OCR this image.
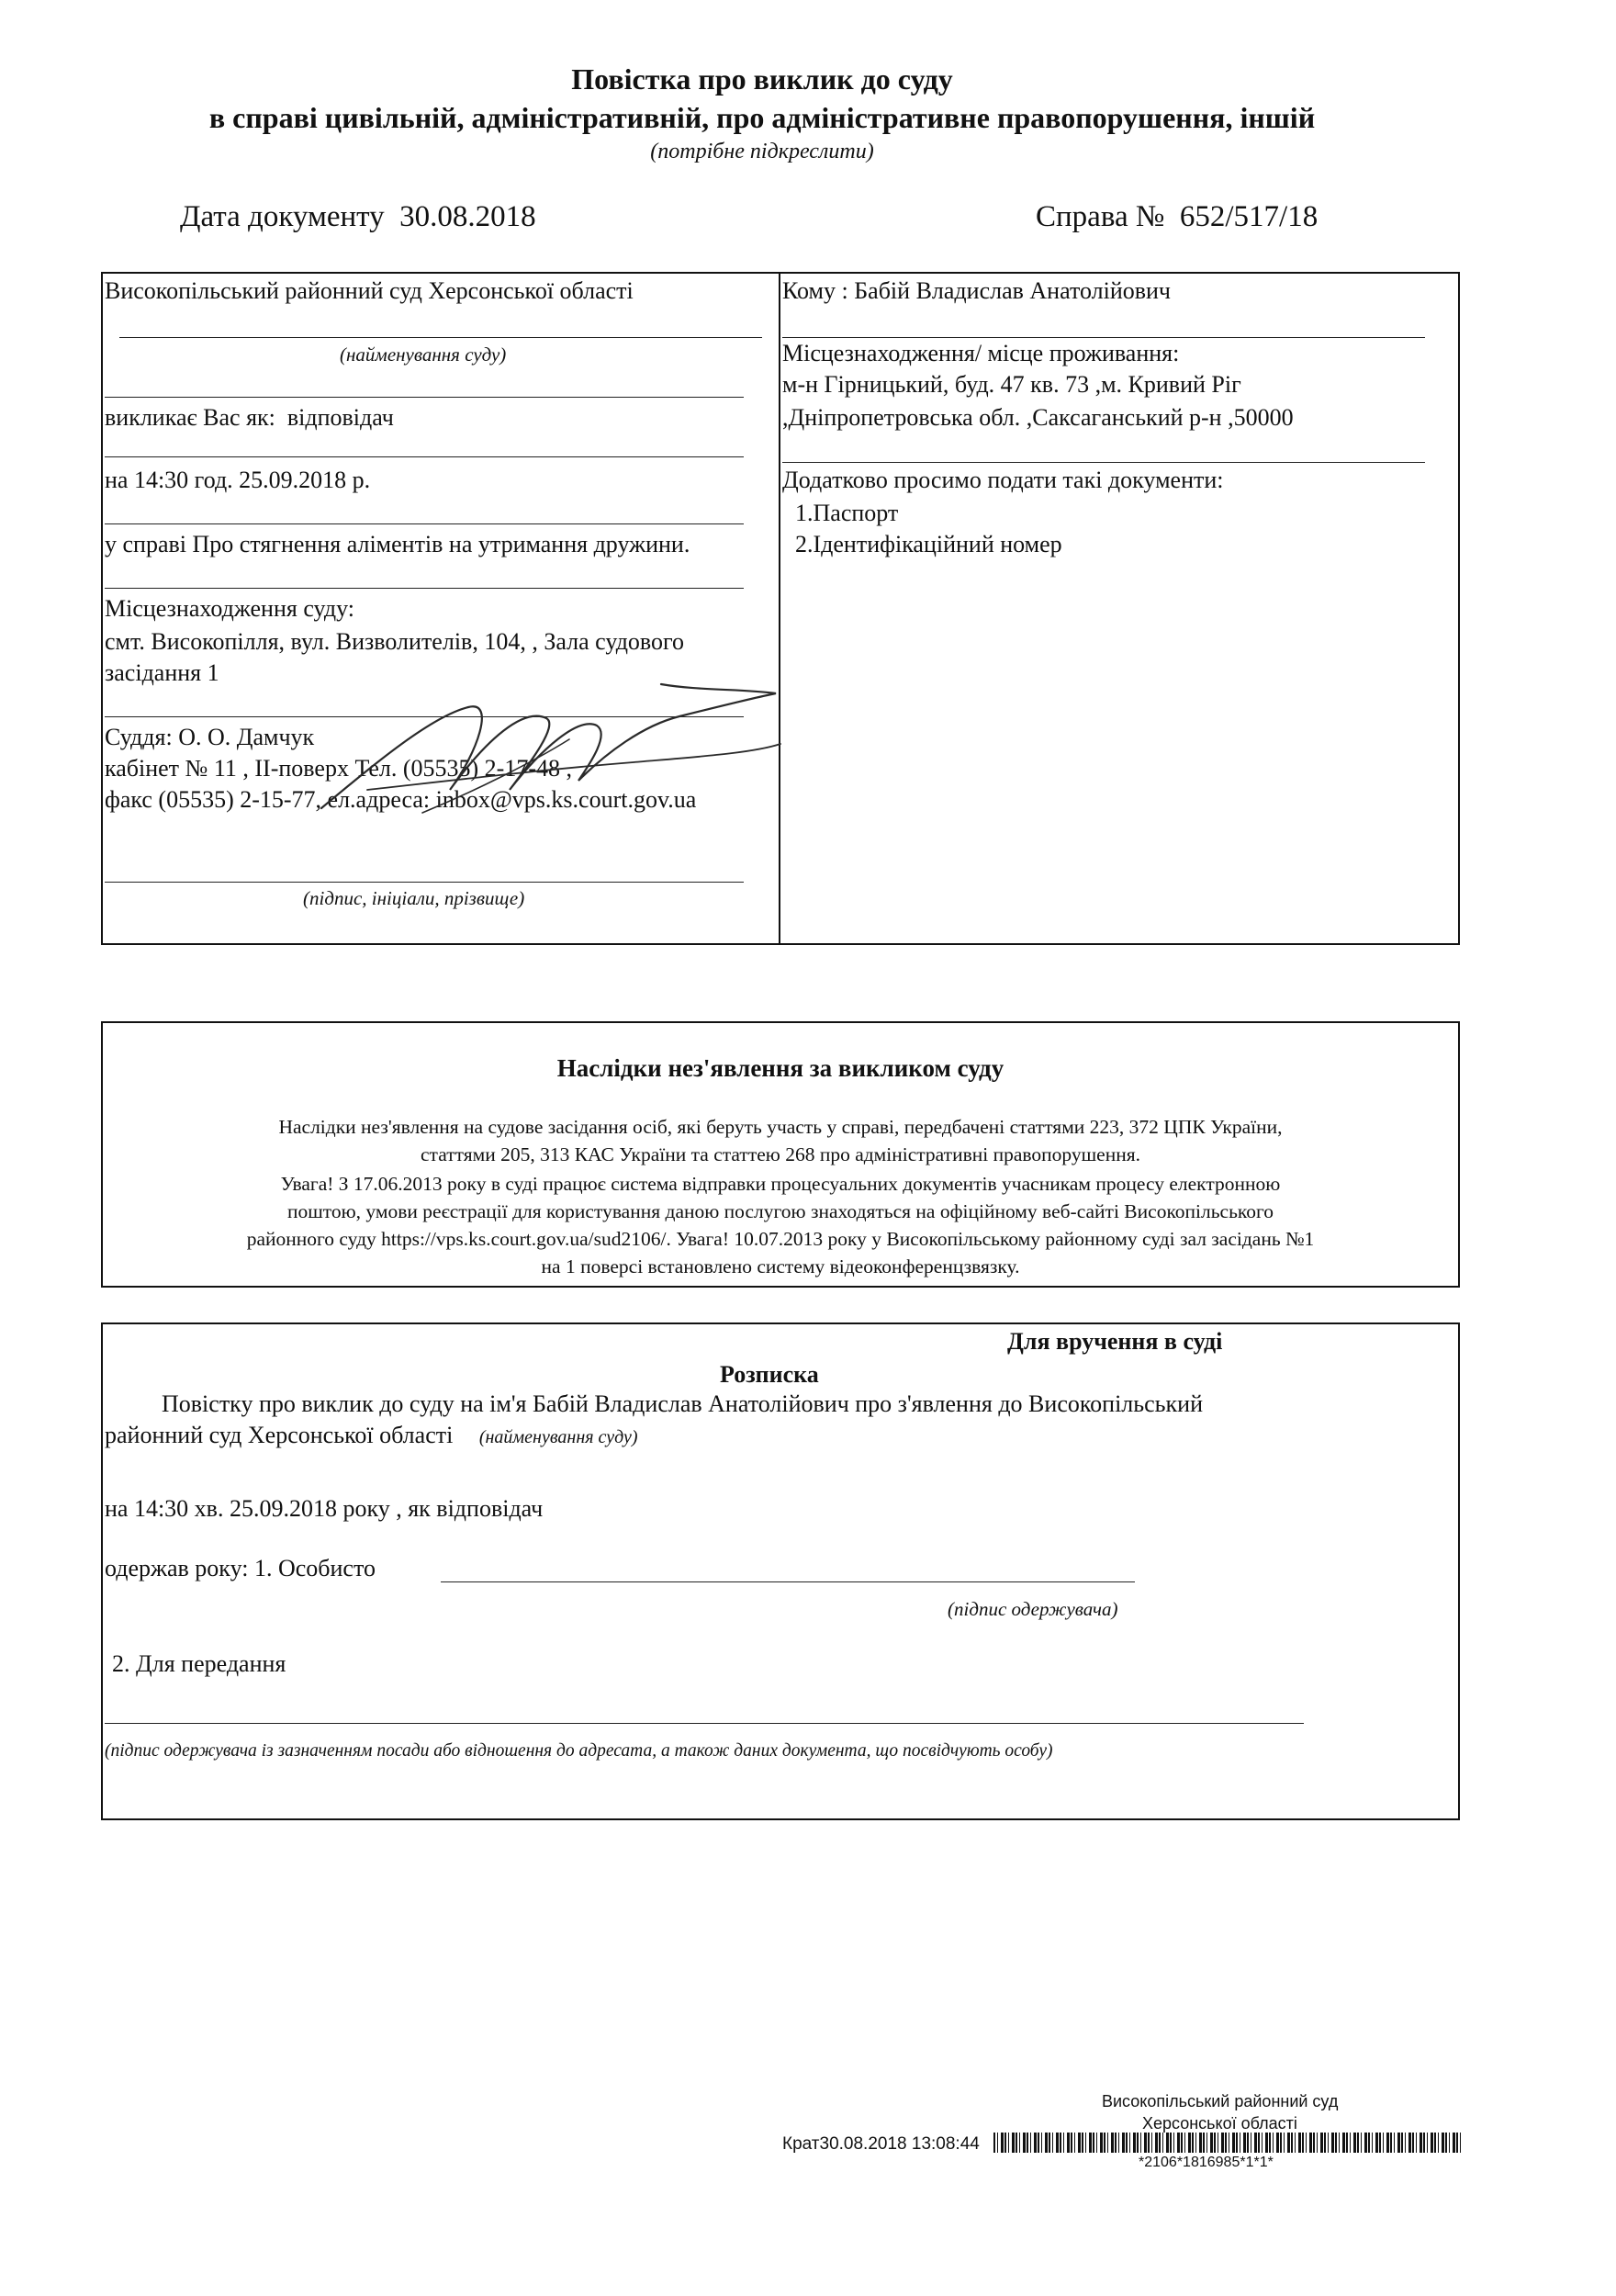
Повістка про виклик до суду
в справі цивільній, адміністративній, про адміністративне правопорушення, іншій
(потрібне підкреслити)
Дата документу 30.08.2018	Справа № 652/517/18
Високопільський районний суд Херсонської області
(найменування суду)
викликає Вас як: відповідач
на 14:30 год. 25.09.2018 р.
у справі Про стягнення аліментів на утримання дружини.
Місцезнаходження суду:
смт. Високопілля, вул. Визволителів, 104, , Зала судового
засідання 1
Суддя: О. О. Дамчук
кабінет № 11 , ІІ-поверх Тел. (05535) 2-17-48 ,
факс (05535) 2-15-77, ел.адреса: inbox@vps.ks.court.gov.ua
(підпис, ініціали, прізвище)
Кому : Бабій Владислав Анатолійович
Місцезнаходження/ місце проживання:
м-н Гірницький, буд. 47 кв. 73 ,м. Кривий Ріг
,Дніпропетровська обл. ,Саксаганський р-н ,50000
Додатково просимо подати такі документи:
1.Паспорт
2.Ідентифікаційний номер
Наслідки нез'явлення за викликом суду
Наслідки нез'явлення на судове засідання осіб, які беруть участь у справі, передбачені статтями 223, 372 ЦПК України,
статтями 205, 313 КАС України та статтею 268 про адміністративні правопорушення.
Увага! З 17.06.2013 року в суді працює система відправки процесуальних документів учасникам процесу електронною
поштою, умови реєстрації для користування даною послугою знаходяться на офіційному веб-сайті Високопільського
районного суду https://vps.ks.court.gov.ua/sud2106/. Увага! 10.07.2013 року у Високопільському районному суді зал засідань №1
на 1 поверсі встановлено систему відеоконференцзвязку.
Для вручення в суді
Розписка
Повістку про виклик до суду на ім'я Бабій Владислав Анатолійович про з'явлення до Високопільський
районний суд Херсонської області (найменування суду)
на 14:30 хв. 25.09.2018 року , як відповідач
одержав року: 1. Особисто
(підпис одержувача)
2. Для передання
(підпис одержувача із зазначенням посади або відношення до адресата, а також даних документа, що посвідчують особу)
Високопільський районний суд
Херсонської області
Крат30.08.2018 13:08:44
*2106*1816985*1*1*
